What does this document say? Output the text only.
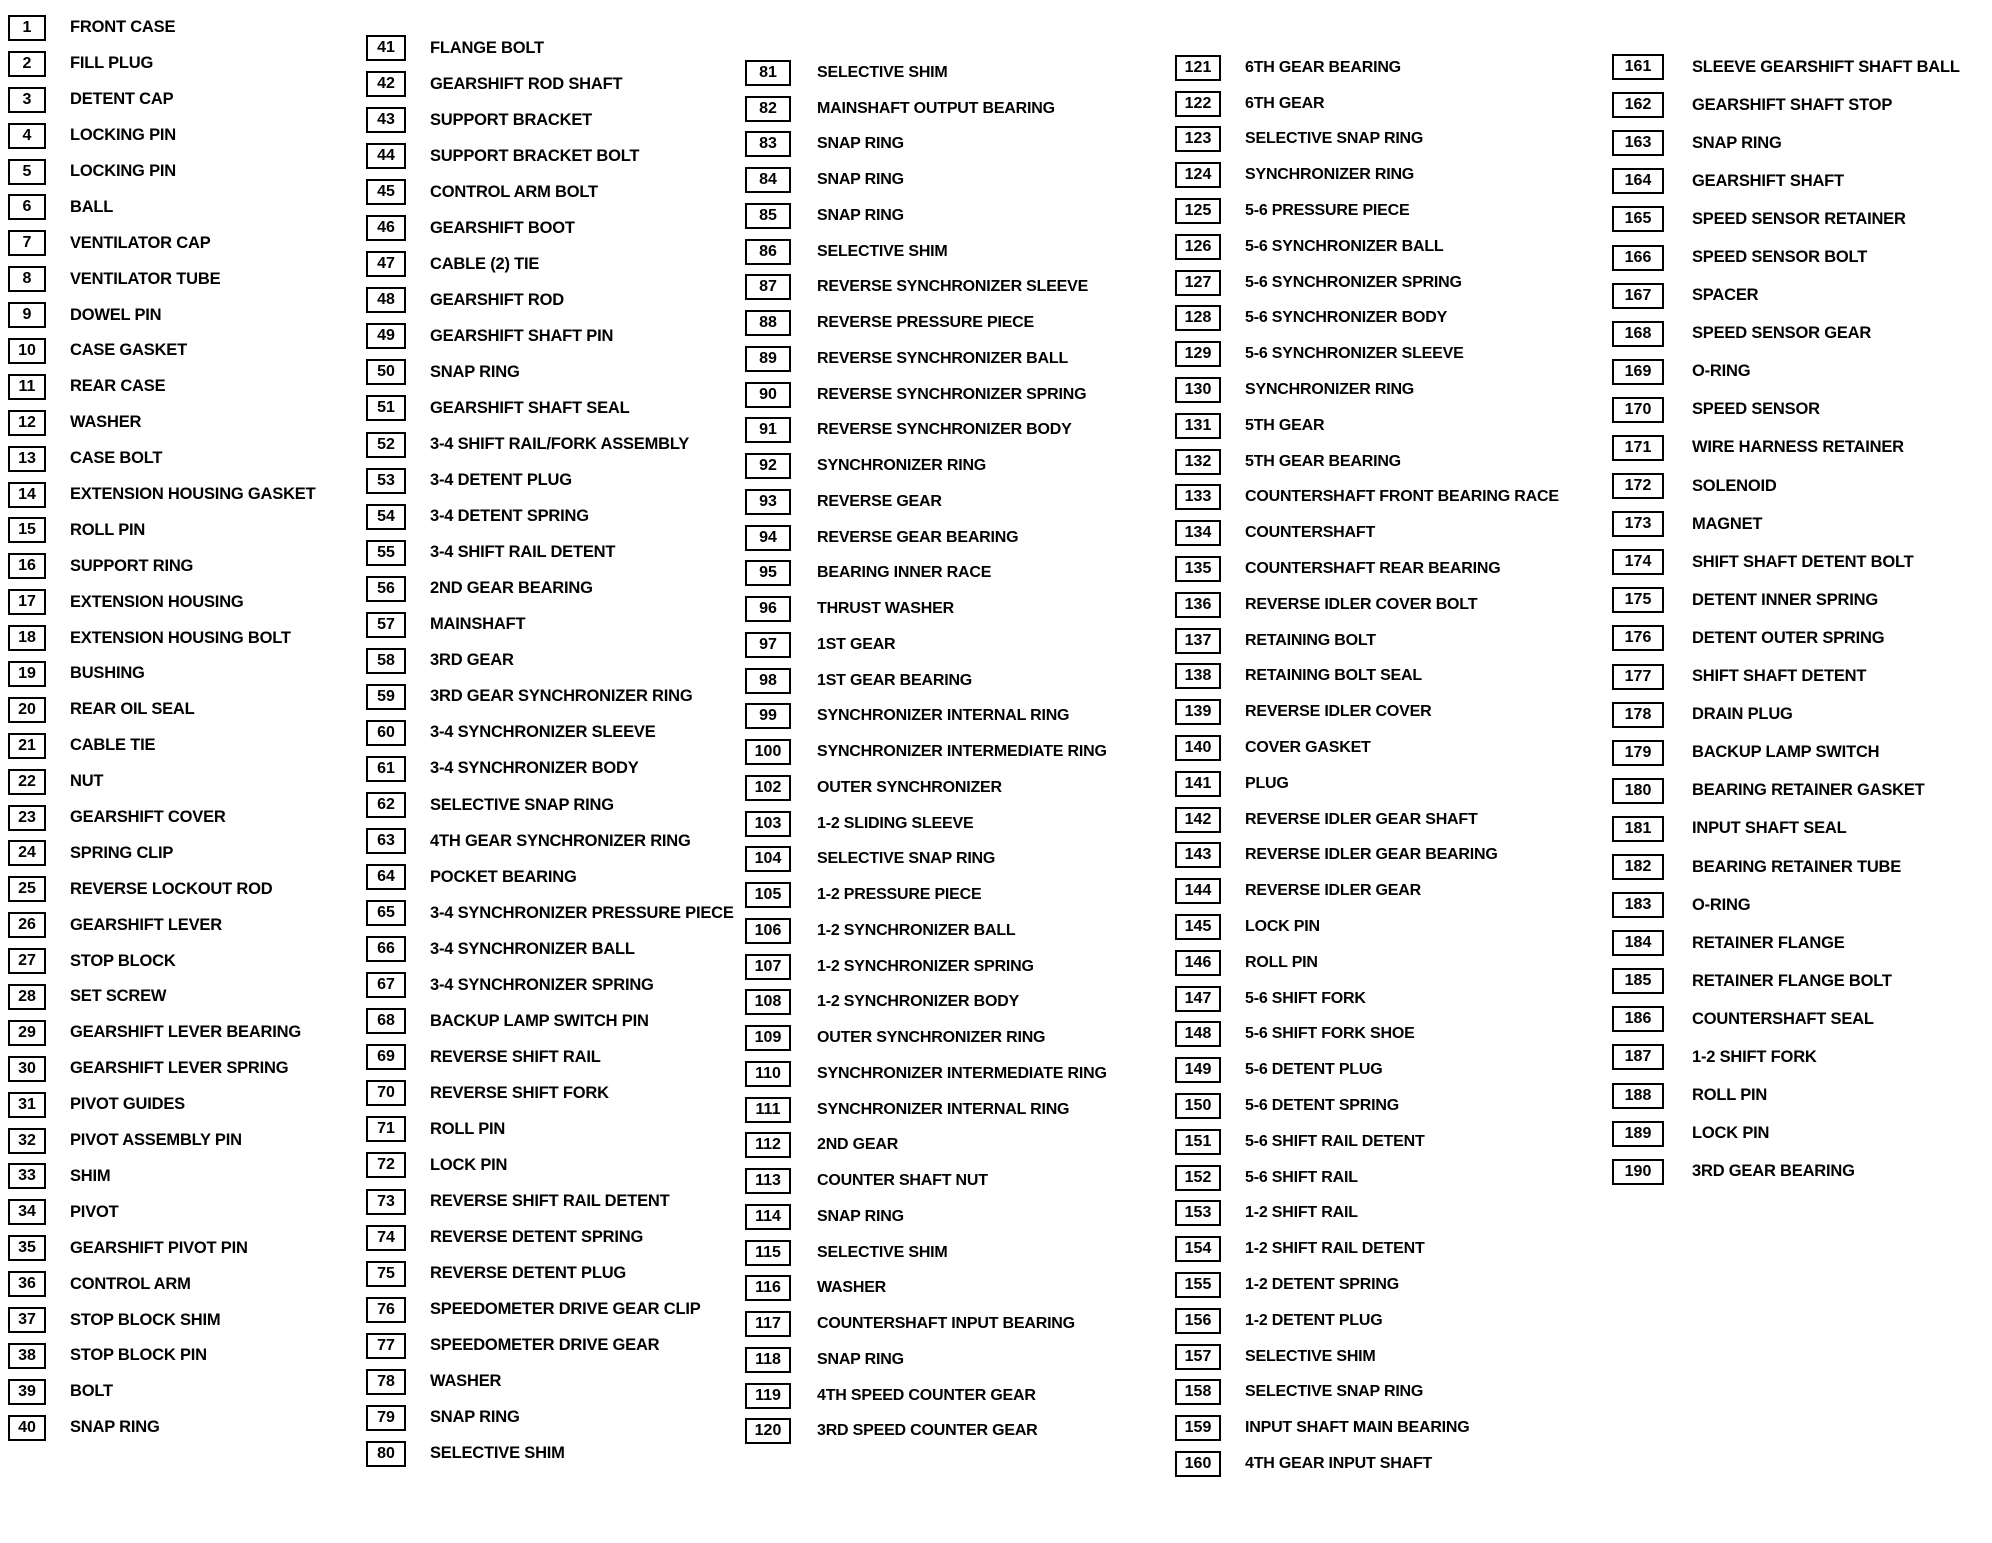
1	FRONT CASE
2	FILL PLUG
3	DETENT CAP
4	LOCKING PIN
5	LOCKING PIN
6	BALL
7	VENTILATOR CAP
8	VENTILATOR TUBE
9	DOWEL PIN
10	CASE GASKET
11	REAR CASE
12	WASHER
13	CASE BOLT
14	EXTENSION HOUSING GASKET
15	ROLL PIN
16	SUPPORT RING
17	EXTENSION HOUSING
18	EXTENSION HOUSING BOLT
19	BUSHING
20	REAR OIL SEAL
21	CABLE TIE
22	NUT
23	GEARSHIFT COVER
24	SPRING CLIP
25	REVERSE LOCKOUT ROD
26	GEARSHIFT LEVER
27	STOP BLOCK
28	SET SCREW
29	GEARSHIFT LEVER BEARING
30	GEARSHIFT LEVER SPRING
31	PIVOT GUIDES
32	PIVOT ASSEMBLY PIN
33	SHIM
34	PIVOT
35	GEARSHIFT PIVOT PIN
36	CONTROL ARM
37	STOP BLOCK SHIM
38	STOP BLOCK PIN
39	BOLT
40	SNAP RING
41	FLANGE BOLT
42	GEARSHIFT ROD SHAFT
43	SUPPORT BRACKET
44	SUPPORT BRACKET BOLT
45	CONTROL ARM BOLT
46	GEARSHIFT BOOT
47	CABLE (2) TIE
48	GEARSHIFT ROD
49	GEARSHIFT SHAFT PIN
50	SNAP RING
51	GEARSHIFT SHAFT SEAL
52	3-4 SHIFT RAIL/FORK ASSEMBLY
53	3-4 DETENT PLUG
54	3-4 DETENT SPRING
55	3-4 SHIFT RAIL DETENT
56	2ND GEAR BEARING
57	MAINSHAFT
58	3RD GEAR
59	3RD GEAR SYNCHRONIZER RING
60	3-4 SYNCHRONIZER SLEEVE
61	3-4 SYNCHRONIZER BODY
62	SELECTIVE SNAP RING
63	4TH GEAR SYNCHRONIZER RING
64	POCKET BEARING
65	3-4 SYNCHRONIZER PRESSURE PIECE
66	3-4 SYNCHRONIZER BALL
67	3-4 SYNCHRONIZER SPRING
68	BACKUP LAMP SWITCH PIN
69	REVERSE SHIFT RAIL
70	REVERSE SHIFT FORK
71	ROLL PIN
72	LOCK PIN
73	REVERSE SHIFT RAIL DETENT
74	REVERSE DETENT SPRING
75	REVERSE DETENT PLUG
76	SPEEDOMETER DRIVE GEAR CLIP
77	SPEEDOMETER DRIVE GEAR
78	WASHER
79	SNAP RING
80	SELECTIVE SHIM
81	SELECTIVE SHIM
82	MAINSHAFT OUTPUT BEARING
83	SNAP RING
84	SNAP RING
85	SNAP RING
86	SELECTIVE SHIM
87	REVERSE SYNCHRONIZER SLEEVE
88	REVERSE PRESSURE PIECE
89	REVERSE SYNCHRONIZER BALL
90	REVERSE SYNCHRONIZER SPRING
91	REVERSE SYNCHRONIZER BODY
92	SYNCHRONIZER RING
93	REVERSE GEAR
94	REVERSE GEAR BEARING
95	BEARING INNER RACE
96	THRUST WASHER
97	1ST GEAR
98	1ST GEAR BEARING
99	SYNCHRONIZER INTERNAL RING
100	SYNCHRONIZER INTERMEDIATE RING
102	OUTER SYNCHRONIZER
103	1-2 SLIDING SLEEVE
104	SELECTIVE SNAP RING
105	1-2 PRESSURE PIECE
106	1-2 SYNCHRONIZER BALL
107	1-2 SYNCHRONIZER SPRING
108	1-2 SYNCHRONIZER BODY
109	OUTER SYNCHRONIZER RING
110	SYNCHRONIZER INTERMEDIATE RING
111	SYNCHRONIZER INTERNAL RING
112	2ND GEAR
113	COUNTER SHAFT NUT
114	SNAP RING
115	SELECTIVE SHIM
116	WASHER
117	COUNTERSHAFT INPUT BEARING
118	SNAP RING
119	4TH SPEED COUNTER GEAR
120	3RD SPEED COUNTER GEAR
121	6TH GEAR BEARING
122	6TH GEAR
123	SELECTIVE SNAP RING
124	SYNCHRONIZER RING
125	5-6 PRESSURE PIECE
126	5-6 SYNCHRONIZER BALL
127	5-6 SYNCHRONIZER SPRING
128	5-6 SYNCHRONIZER BODY
129	5-6 SYNCHRONIZER SLEEVE
130	SYNCHRONIZER RING
131	5TH GEAR
132	5TH GEAR BEARING
133	COUNTERSHAFT FRONT BEARING RACE
134	COUNTERSHAFT
135	COUNTERSHAFT REAR BEARING
136	REVERSE IDLER COVER BOLT
137	RETAINING BOLT
138	RETAINING BOLT SEAL
139	REVERSE IDLER COVER
140	COVER GASKET
141	PLUG
142	REVERSE IDLER GEAR SHAFT
143	REVERSE IDLER GEAR BEARING
144	REVERSE IDLER GEAR
145	LOCK PIN
146	ROLL PIN
147	5-6 SHIFT FORK
148	5-6 SHIFT FORK SHOE
149	5-6 DETENT PLUG
150	5-6 DETENT SPRING
151	5-6 SHIFT RAIL DETENT
152	5-6 SHIFT RAIL
153	1-2 SHIFT RAIL
154	1-2 SHIFT RAIL DETENT
155	1-2 DETENT SPRING
156	1-2 DETENT PLUG
157	SELECTIVE SHIM
158	SELECTIVE SNAP RING
159	INPUT SHAFT MAIN BEARING
160	4TH GEAR INPUT SHAFT
161	SLEEVE GEARSHIFT SHAFT BALL
162	GEARSHIFT SHAFT STOP
163	SNAP RING
164	GEARSHIFT SHAFT
165	SPEED SENSOR RETAINER
166	SPEED SENSOR BOLT
167	SPACER
168	SPEED SENSOR GEAR
169	O-RING
170	SPEED SENSOR
171	WIRE HARNESS RETAINER
172	SOLENOID
173	MAGNET
174	SHIFT SHAFT DETENT BOLT
175	DETENT INNER SPRING
176	DETENT OUTER SPRING
177	SHIFT SHAFT DETENT
178	DRAIN PLUG
179	BACKUP LAMP SWITCH
180	BEARING RETAINER GASKET
181	INPUT SHAFT SEAL
182	BEARING RETAINER TUBE
183	O-RING
184	RETAINER FLANGE
185	RETAINER FLANGE BOLT
186	COUNTERSHAFT SEAL
187	1-2 SHIFT FORK
188	ROLL PIN
189	LOCK PIN
190	3RD GEAR BEARING
